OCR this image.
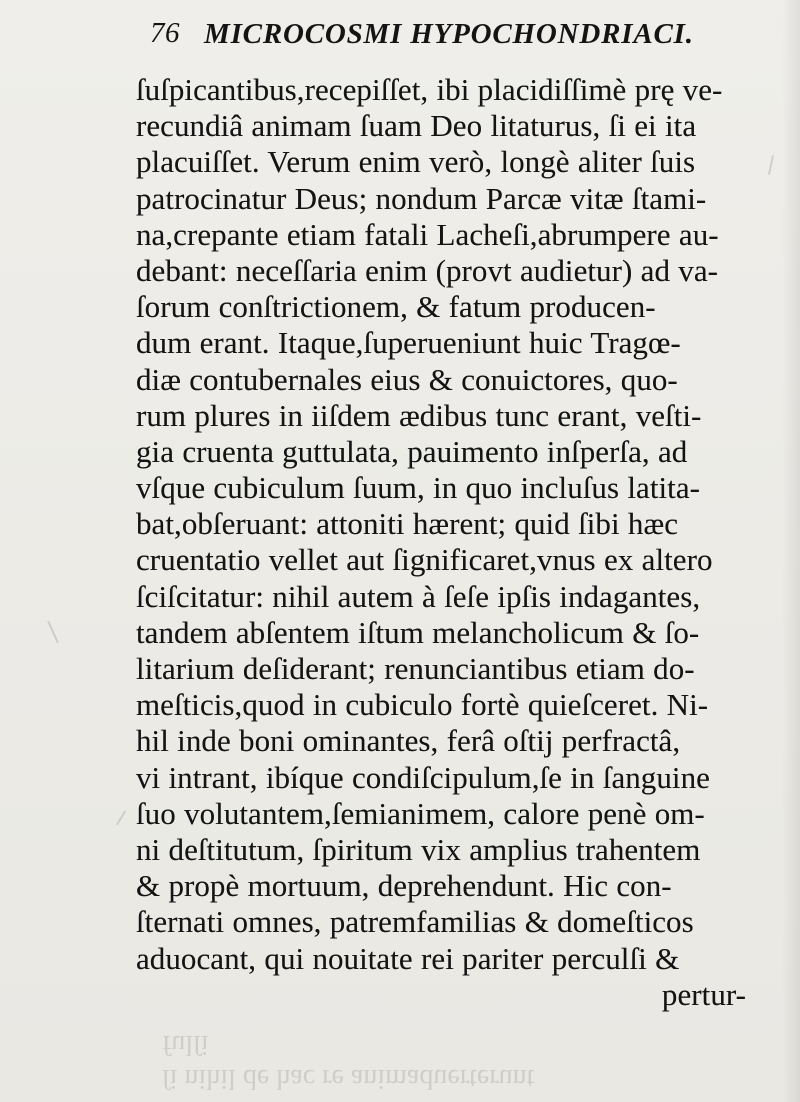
76 MICROCOSMI HYPOCHONDRIACI.
ſuſpicantibus,recepiſſet, ibi placidiſſimè prę ve-
recundiâ animam ſuam Deo litaturus, ſi ei ita
placuiſſet. Verum enim verò, longè aliter ſuis
patrocinatur Deus; nondum Parcæ vitæ ſtami-
na,crepante etiam fatali Lacheſi,abrumpere au-
debant: neceſſaria enim (provt audietur) ad va-
ſorum conſtrictionem, & fatum producen-
dum erant. Itaque,ſuperueniunt huic Tragœ-
diæ contubernales eius & conuictores, quo-
rum plures in iiſdem ædibus tunc erant, veſti-
gia cruenta guttulata, pauimento inſperſa, ad
vſque cubiculum ſuum, in quo incluſus latita-
bat,obſeruant: attoniti hærent; quid ſibi hæc
cruentatio vellet aut ſignificaret,vnus ex altero
ſciſcitatur: nihil autem à ſeſe ipſis indagantes,
tandem abſentem iſtum melancholicum & ſo-
litarium deſiderant; renunciantibus etiam do-
meſticis,quod in cubiculo fortè quieſceret. Ni-
hil inde boni ominantes, ferâ oſtij perfractâ,
vi intrant, ibíque condiſcipulum,ſe in ſanguine
ſuo volutantem,ſemianimem, calore penè om-
ni deſtitutum, ſpiritum vix amplius trahentem
& propè mortuum, deprehendunt. Hic con-
ſternati omnes, patremfamilias & domeſticos
aduocant, qui nouitate rei pariter perculſi &
pertur-
ſi nihil de hac re animaduerterunt
fulſi
